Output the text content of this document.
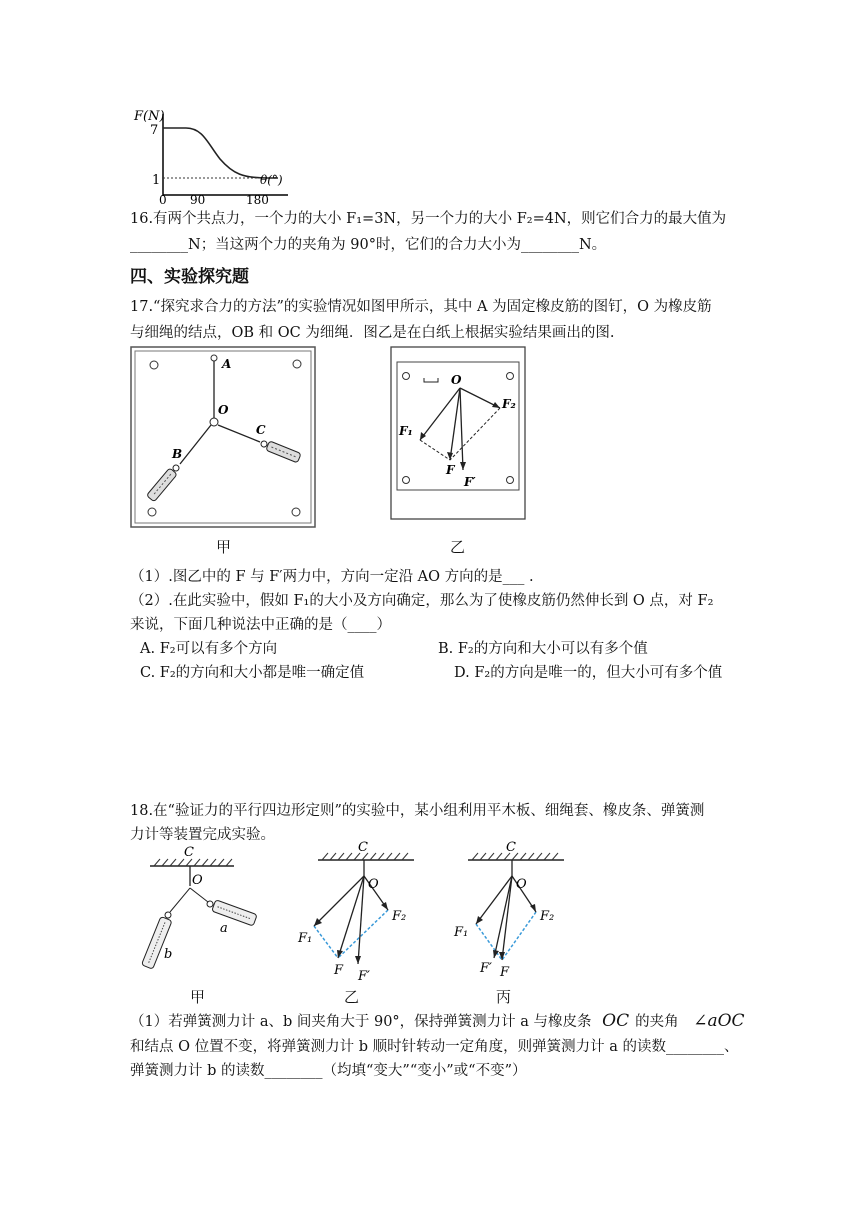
F(N)
7
1	θ(°)
0 90	180
16.有两个共点力，一个力的大小 F₁=3N，另一个力的大小 F₂=4N，则它们合力的最大值为
________N；当这两个力的夹角为 90°时，它们的合力大小为________N。
四、实验探究题
17.“探究求合力的方法”的实验情况如图甲所示，其中 A 为固定橡皮筋的图钉，O 为橡皮筋
与细绳的结点，OB 和 OC 为细绳．图乙是在白纸上根据实验结果画出的图.
A
O
B
C
甲
O
F₁
F₂
F
F′
乙
（1）.图乙中的 F 与 F′两力中，方向一定沿 AO 方向的是___ .
（2）.在此实验中，假如 F₁的大小及方向确定，那么为了使橡皮筋仍然伸长到 O 点，对 F₂
来说，下面几种说法中正确的是（____）
A. F₂可以有多个方向	B. F₂的方向和大小可以有多个值
C. F₂的方向和大小都是唯一确定值	D. F₂的方向是唯一的，但大小可有多个值
18.在“验证力的平行四边形定则”的实验中，某小组利用平木板、细绳套、橡皮条、弹簧测
力计等装置完成实验。
C
O
a
b
甲
C
O
F₁
F₂
F F′
乙
C
O
F₁
F₂
F′ F
丙
（1）若弹簧测力计 a、b 间夹角大于 90°，保持弹簧测力计 a 与橡皮条 OC 的夹角 ∠aOC
和结点 O 位置不变，将弹簧测力计 b 顺时针转动一定角度，则弹簧测力计 a 的读数________、
弹簧测力计 b 的读数________（均填“变大”“变小”或“不变”）
